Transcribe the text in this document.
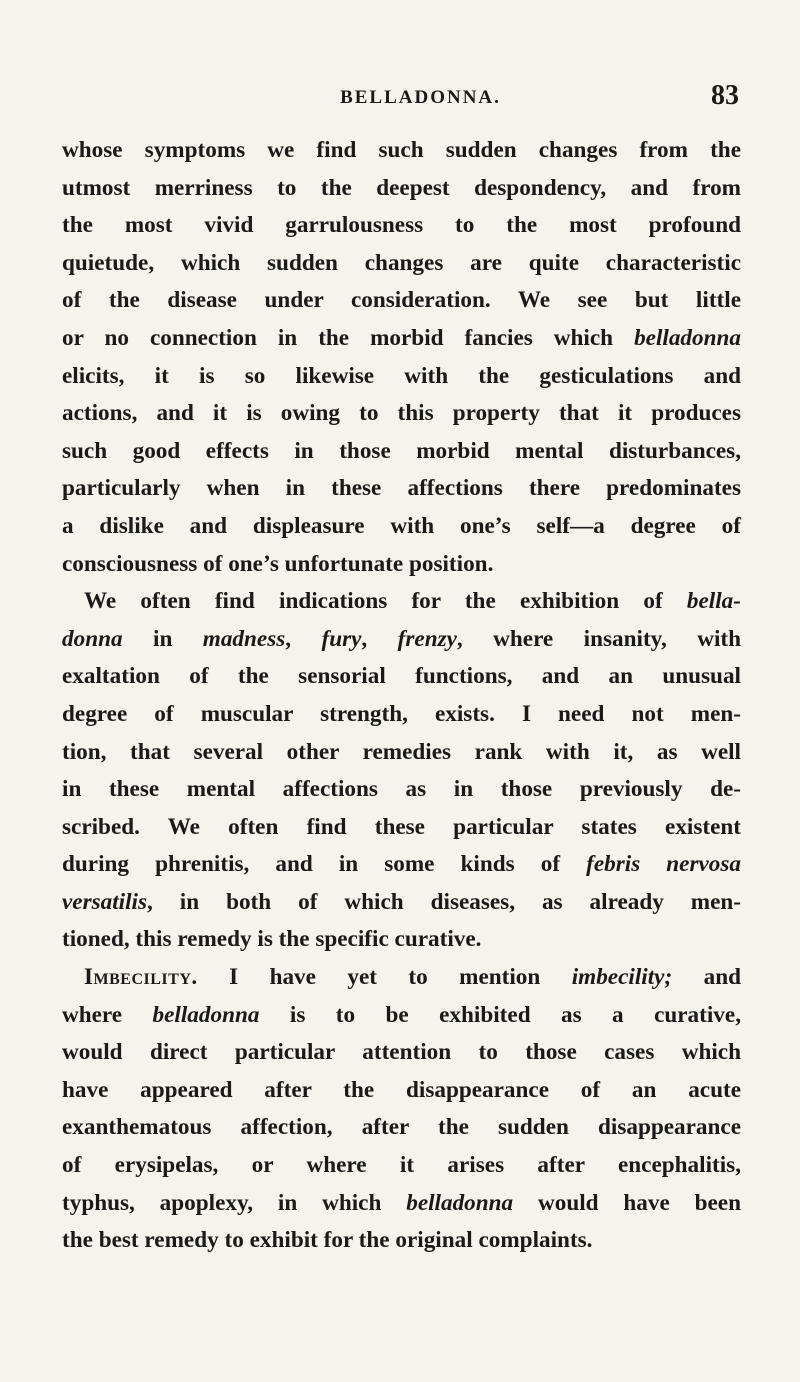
BELLADONNA.	83
whose symptoms we find such sudden changes from the
utmost merriness to the deepest despondency, and from
the most vivid garrulousness to the most profound
quietude, which sudden changes are quite characteristic
of the disease under consideration. We see but little
or no connection in the morbid fancies which belladonna
elicits, it is so likewise with the gesticulations and
actions, and it is owing to this property that it produces
such good effects in those morbid mental disturbances,
particularly when in these affections there predominates
a dislike and displeasure with one’s self—a degree of
consciousness of one’s unfortunate position.
We often find indications for the exhibition of bella-
donna in madness, fury, frenzy, where insanity, with
exaltation of the sensorial functions, and an unusual
degree of muscular strength, exists. I need not men-
tion, that several other remedies rank with it, as well
in these mental affections as in those previously de-
scribed. We often find these particular states existent
during phrenitis, and in some kinds of febris nervosa
versatilis, in both of which diseases, as already men-
tioned, this remedy is the specific curative.
Imbecility. I have yet to mention imbecility; and
where belladonna is to be exhibited as a curative,
would direct particular attention to those cases which
have appeared after the disappearance of an acute
exanthematous affection, after the sudden disappearance
of erysipelas, or where it arises after encephalitis,
typhus, apoplexy, in which belladonna would have been
the best remedy to exhibit for the original complaints.
